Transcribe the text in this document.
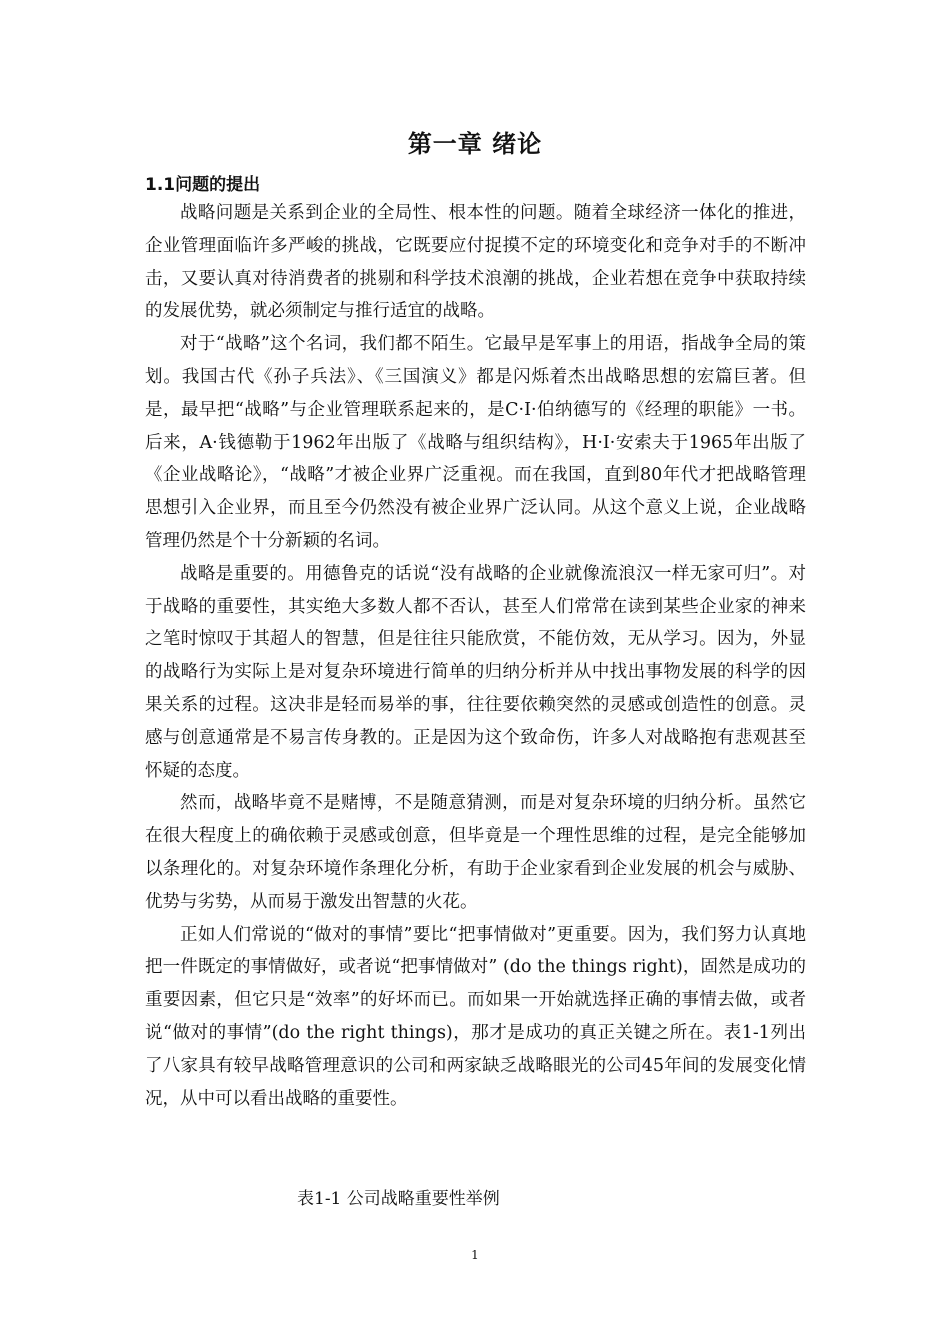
第一章 绪论
1.1问题的提出

战略问题是关系到企业的全局性、根本性的问题。随着全球经济一体化的推进，企业管理面临许多严峻的挑战，它既要应付捉摸不定的环境变化和竞争对手的不断冲击，又要认真对待消费者的挑剔和科学技术浪潮的挑战，企业若想在竞争中获取持续的发展优势，就必须制定与推行适宜的战略。

对于“战略”这个名词，我们都不陌生。它最早是军事上的用语，指战争全局的策划。我国古代《孙子兵法》、《三国演义》都是闪烁着杰出战略思想的宏篇巨著。但是，最早把“战略”与企业管理联系起来的，是C·I·伯纳德写的《经理的职能》一书。后来，A·钱德勒于1962年出版了《战略与组织结构》，H·I·安索夫于1965年出版了《企业战略论》，“战略”才被企业界广泛重视。而在我国，直到80年代才把战略管理思想引入企业界，而且至今仍然没有被企业界广泛认同。从这个意义上说，企业战略管理仍然是个十分新颖的名词。

战略是重要的。用德鲁克的话说“没有战略的企业就像流浪汉一样无家可归”。对于战略的重要性，其实绝大多数人都不否认，甚至人们常常在读到某些企业家的神来之笔时惊叹于其超人的智慧，但是往往只能欣赏，不能仿效，无从学习。因为，外显的战略行为实际上是对复杂环境进行简单的归纳分析并从中找出事物发展的科学的因果关系的过程。这决非是轻而易举的事，往往要依赖突然的灵感或创造性的创意。灵感与创意通常是不易言传身教的。正是因为这个致命伤，许多人对战略抱有悲观甚至怀疑的态度。

然而，战略毕竟不是赌博，不是随意猜测，而是对复杂环境的归纳分析。虽然它在很大程度上的确依赖于灵感或创意，但毕竟是一个理性思维的过程，是完全能够加以条理化的。对复杂环境作条理化分析，有助于企业家看到企业发展的机会与威胁、优势与劣势，从而易于激发出智慧的火花。

正如人们常说的“做对的事情”要比“把事情做对”更重要。因为，我们努力认真地把一件既定的事情做好，或者说“把事情做对” (do the things right)，固然是成功的重要因素，但它只是“效率”的好坏而已。而如果一开始就选择正确的事情去做，或者说“做对的事情”(do the right things)，那才是成功的真正关键之所在。表1-1列出了八家具有较早战略管理意识的公司和两家缺乏战略眼光的公司45年间的发展变化情况，从中可以看出战略的重要性。

表1-1 公司战略重要性举例
1
